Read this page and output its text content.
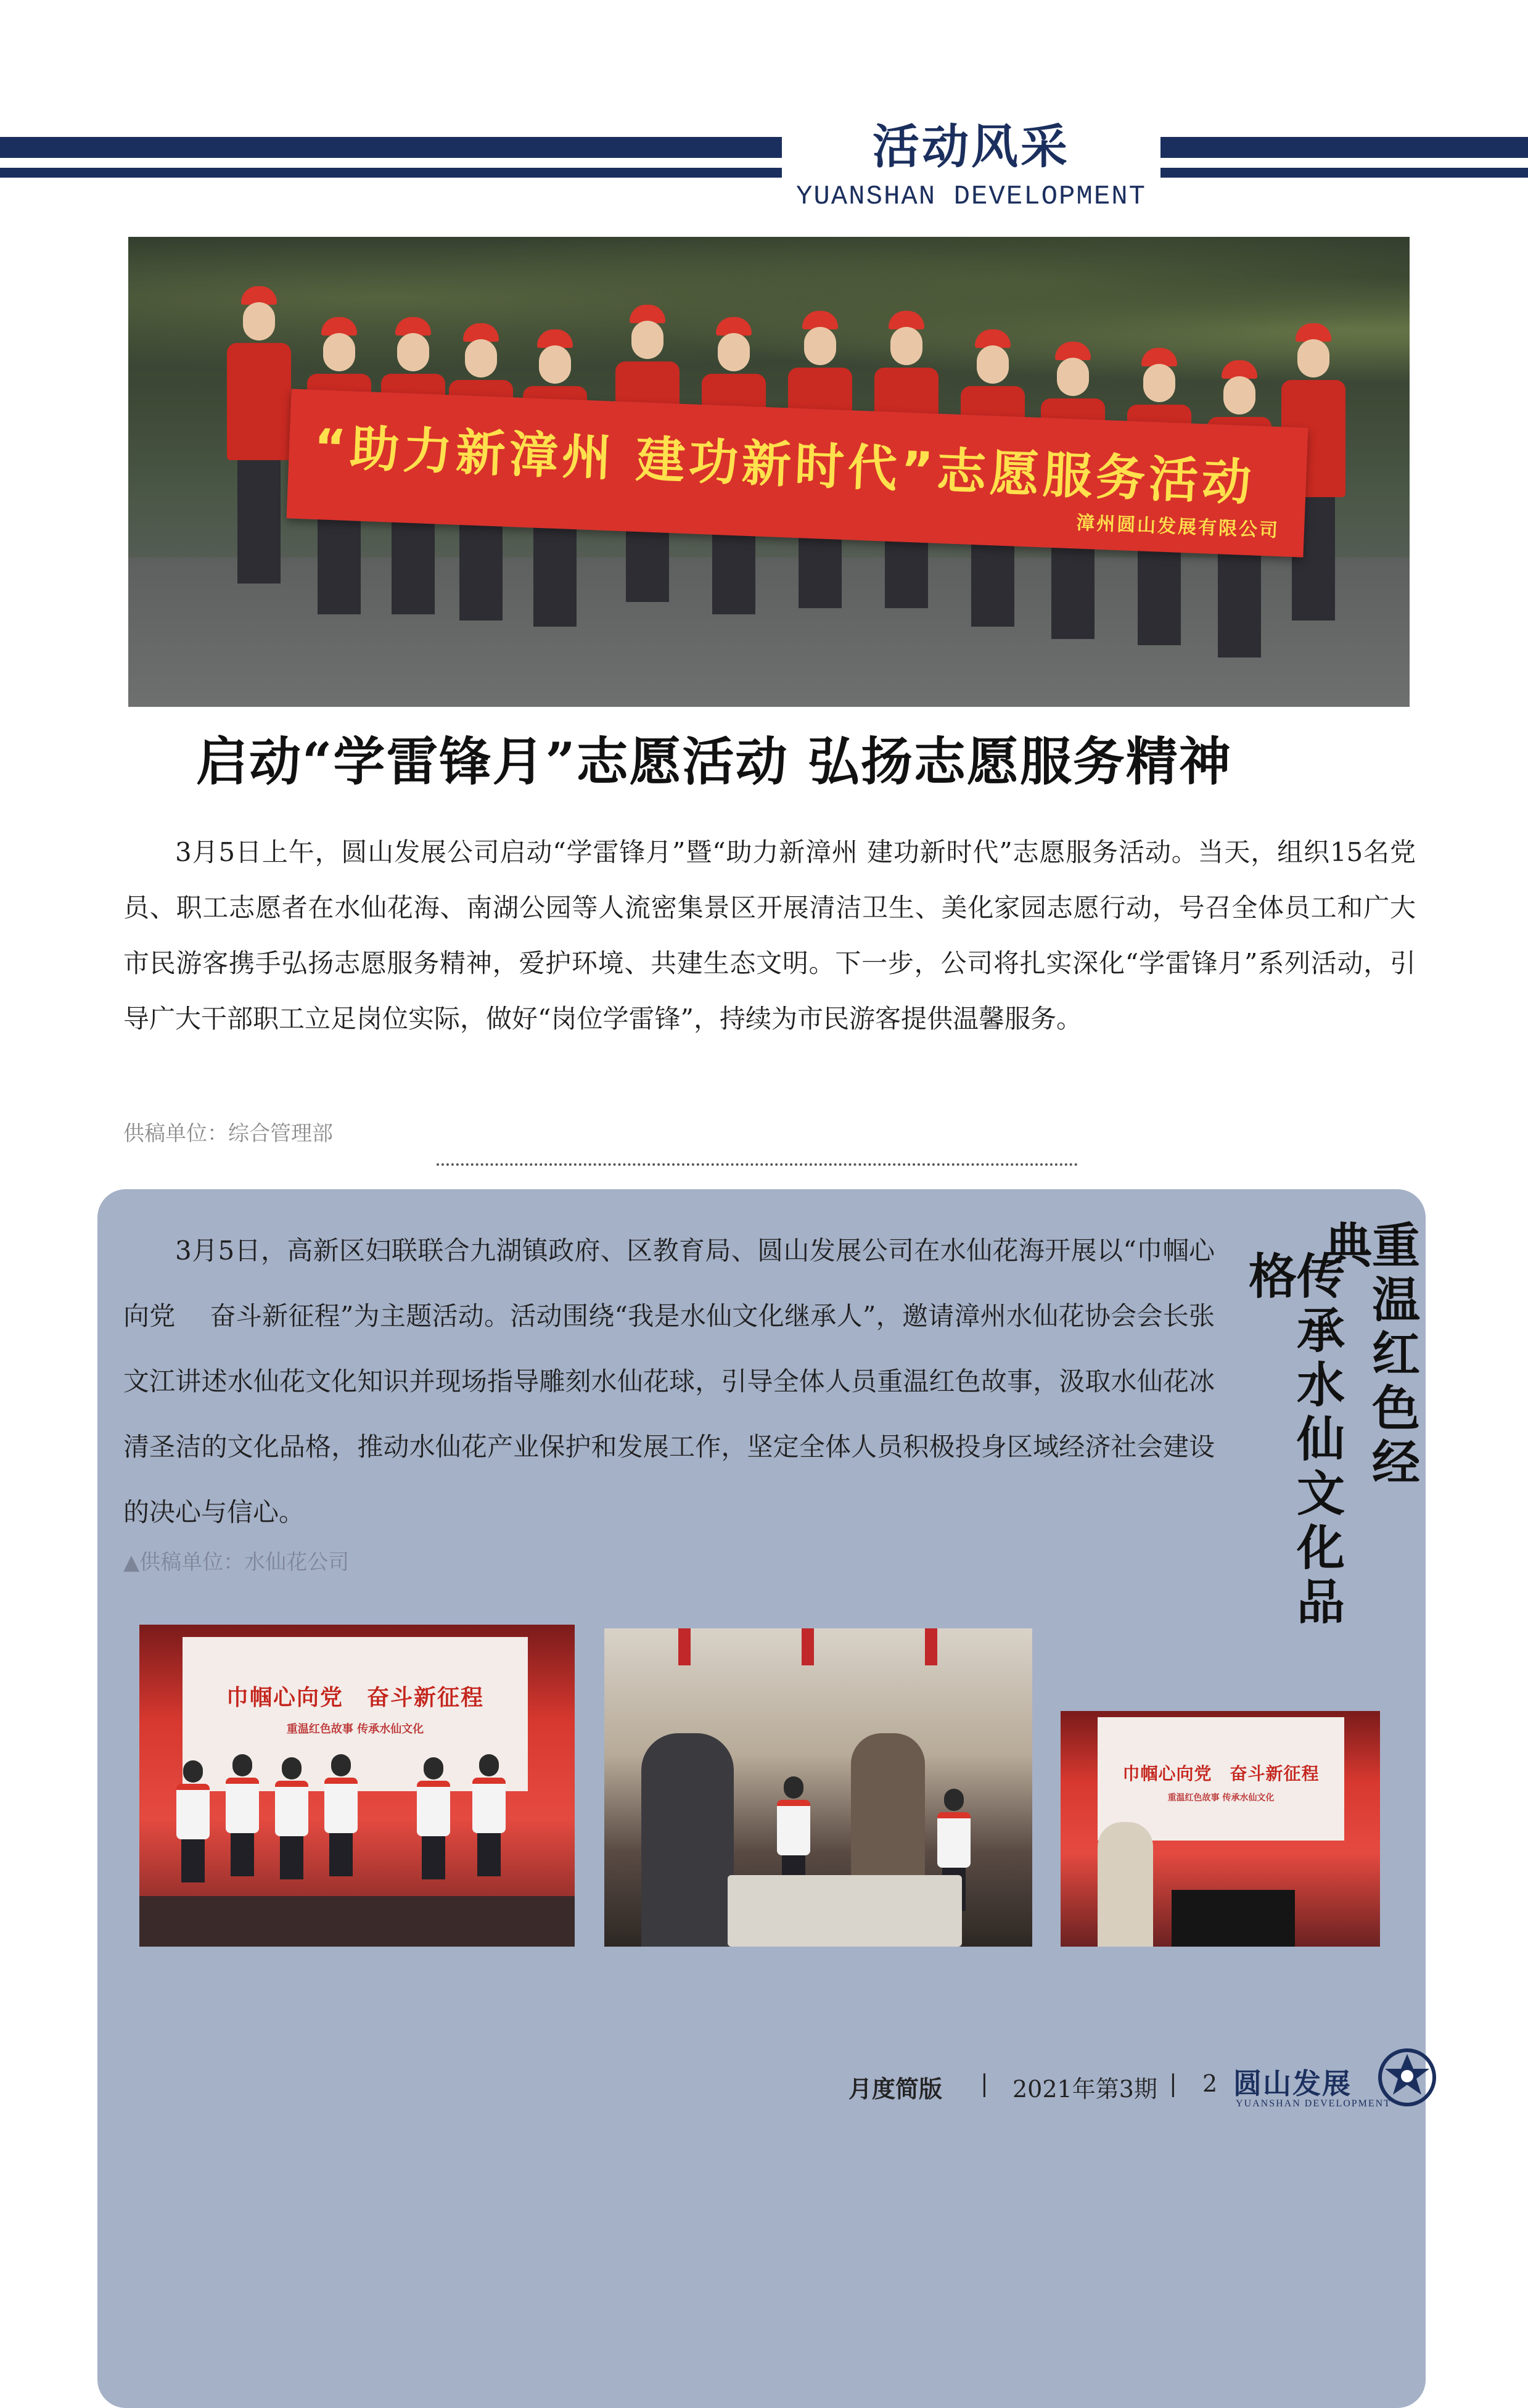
活动风采
YUANSHAN DEVELOPMENT
“助力新漳州 建功新时代”志愿服务活动
漳州圆山发展有限公司
启动“学雷锋月”志愿活动 弘扬志愿服务精神
3月5日上午，圆山发展公司启动“学雷锋月”暨“助力新漳州 建功新时代”志愿服务活动。当天，组织15名党员、职工志愿者在水仙花海、南湖公园等人流密集景区开展清洁卫生、美化家园志愿行动，号召全体员工和广大市民游客携手弘扬志愿服务精神，爱护环境、共建生态文明。下一步，公司将扎实深化“学雷锋月”系列活动，引导广大干部职工立足岗位实际，做好“岗位学雷锋”，持续为市民游客提供温馨服务。
供稿单位：综合管理部
3月5日，高新区妇联联合九湖镇政府、区教育局、圆山发展公司在水仙花海开展以“巾帼心向党　 奋斗新征程”为主题活动。活动围绕“我是水仙文化继承人”，邀请漳州水仙花协会会长张文江讲述水仙花文化知识并现场指导雕刻水仙花球，引导全体人员重温红色故事，汲取水仙花冰清圣洁的文化品格，推动水仙花产业保护和发展工作，坚定全体人员积极投身区域经济社会建设的决心与信心。
▲供稿单位：水仙花公司
重温红色经典
传承水仙文化品格
巾帼心向党　奋斗新征程
重温红色故事 传承水仙文化
巾帼心向党　奋斗新征程
重温红色故事 传承水仙文化
月度简版 | 2021年第3期 | 2 圆山发展
YUANSHAN DEVELOPMENT
